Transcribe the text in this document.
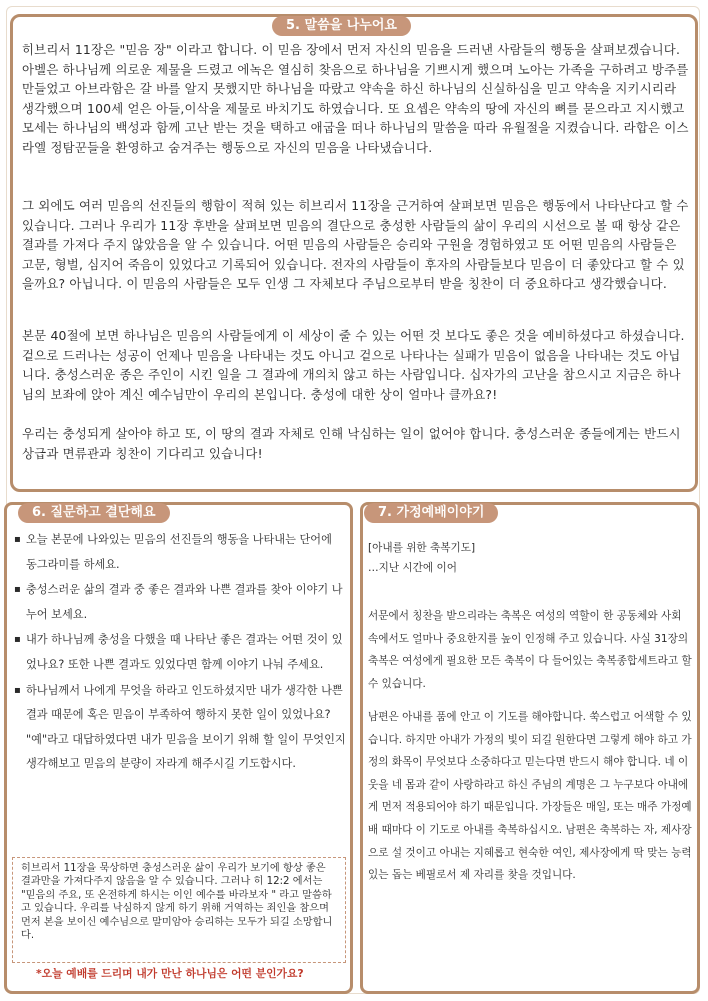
5. 말씀을 나누어요

히브리서 11장은 "믿음 장" 이라고 합니다. 이 믿음 장에서 먼저 자신의 믿음을 드러낸 사람들의 행동을 살펴보겠습니다. 아벨은 하나님께 의로운 제물을 드렸고 에녹은 열심히 찾음으로 하나님을 기쁘시게 했으며 노아는 가족을 구하려고 방주를 만들었고 아브라함은 갈 바를 알지 못했지만 하나님을 따랐고 약속을 하신 하나님의 신실하심을 믿고 약속을 지키시리라 생각했으며 100세 얻은 아들,이삭을 제물로 바치기도 하였습니다. 또 요셉은 약속의 땅에 자신의 뼈를 묻으라고 지시했고 모세는 하나님의 백성과 함께 고난 받는 것을 택하고 애굽을 떠나 하나님의 말씀을 따라 유월절을 지켰습니다. 라합은 이스라엘 정탐꾼들을 환영하고 숨겨주는 행동으로 자신의 믿음을 나타냈습니다.

그 외에도 여러 믿음의 선진들의 행함이 적혀 있는 히브리서 11장을 근거하여 살펴보면 믿음은 행동에서 나타난다고 할 수 있습니다. 그러나 우리가 11장 후반을 살펴보면 믿음의 결단으로 충성한 사람들의 삶이 우리의 시선으로 볼 때 항상 같은 결과를 가져다 주지 않았음을 알 수 있습니다. 어떤 믿음의 사람들은 승리와 구원을 경험하였고 또 어떤 믿음의 사람들은 고문, 형벌, 심지어 죽음이 있었다고 기록되어 있습니다. 전자의 사람들이 후자의 사람들보다 믿음이 더 좋았다고 할 수 있을까요? 아닙니다. 이 믿음의 사람들은 모두 인생 그 자체보다 주님으로부터 받을 칭찬이 더 중요하다고 생각했습니다.

본문 40절에 보면 하나님은 믿음의 사람들에게 이 세상이 줄 수 있는 어떤 것 보다도 좋은 것을 예비하셨다고 하셨습니다. 겉으로 드러나는 성공이 언제나 믿음을 나타내는 것도 아니고 겉으로 나타나는 실패가 믿음이 없음을 나타내는 것도 아닙니다. 충성스러운 종은 주인이 시킨 일을 그 결과에 개의치 않고 하는 사람입니다. 십자가의 고난을 참으시고 지금은 하나님의 보좌에 앉아 계신 예수님만이 우리의 본입니다. 충성에 대한 상이 얼마나 클까요?!

우리는 충성되게 살아야 하고 또, 이 땅의 결과 자체로 인해 낙심하는 일이 없어야 합니다. 충성스러운 종들에게는 반드시 상급과 면류관과 칭찬이 기다리고 있습니다!

6. 질문하고 결단해요
▪ 오늘 본문에 나와있는 믿음의 선진들의 행동을 나타내는 단어에 동그라미를 하세요.
▪ 충성스러운 삶의 결과 중 좋은 결과와 나쁜 결과를 찾아 이야기 나누어 보세요.
▪ 내가 하나님께 충성을 다했을 때 나타난 좋은 결과는 어떤 것이 있었나요? 또한 나쁜 결과도 있었다면 함께 이야기 나눠 주세요.
▪ 하나님께서 나에게 무엇을 하라고 인도하셨지만 내가 생각한 나쁜 결과 때문에 혹은 믿음이 부족하여 행하지 못한 일이 있었나요? "예"라고 대답하였다면 내가 믿음을 보이기 위해 할 일이 무엇인지 생각해보고 믿음의 분량이 자라게 해주시길 기도합시다.
히브리서 11장을 묵상하면 충성스러운 삶이 우리가 보기에 항상 좋은 결과만을 가져다주지 않음을 알 수 있습니다. 그러나 히 12:2 에서는 "믿음의 주요, 또 온전하게 하시는 이인 예수를 바라보자 " 라고 말씀하고 있습니다. 우리를 낙심하지 않게 하기 위해 거역하는 죄인을 참으며 먼저 본을 보이신 예수님으로 말미암아 승리하는 모두가 되길 소망합니다.
*오늘 예배를 드리며 내가 만난 하나님은 어떤 분인가요?
7. 가정예배이야기

[아내를 위한 축복기도]

…지난 시간에 이어

서문에서 칭찬을 받으리라는 축복은 여성의 역할이 한 공동체와 사회 속에서도 얼마나 중요한지를 높이 인정해 주고 있습니다. 사실 31장의 축복은 여성에게 필요한 모든 축복이 다 들어있는 축복종합세트라고 할 수 있습니다.

남편은 아내를 품에 안고 이 기도를 해야합니다. 쑥스럽고 어색할 수 있습니다. 하지만 아내가 가정의 빛이 되길 원한다면 그렇게 해야 하고 가정의 화목이 무엇보다 소중하다고 믿는다면 반드시 해야 합니다. 네 이웃을 네 몸과 같이 사랑하라고 하신 주님의 계명은 그 누구보다 아내에게 먼저 적용되어야 하기 때문입니다. 가장들은 매일, 또는 매주 가정예배 때마다 이 기도로 아내를 축복하십시오. 남편은 축복하는 자, 제사장으로 설 것이고 아내는 지혜롭고 현숙한 여인, 제사장에게 딱 맞는 능력있는 돕는 베필로서 제 자리를 찾을 것입니다.
